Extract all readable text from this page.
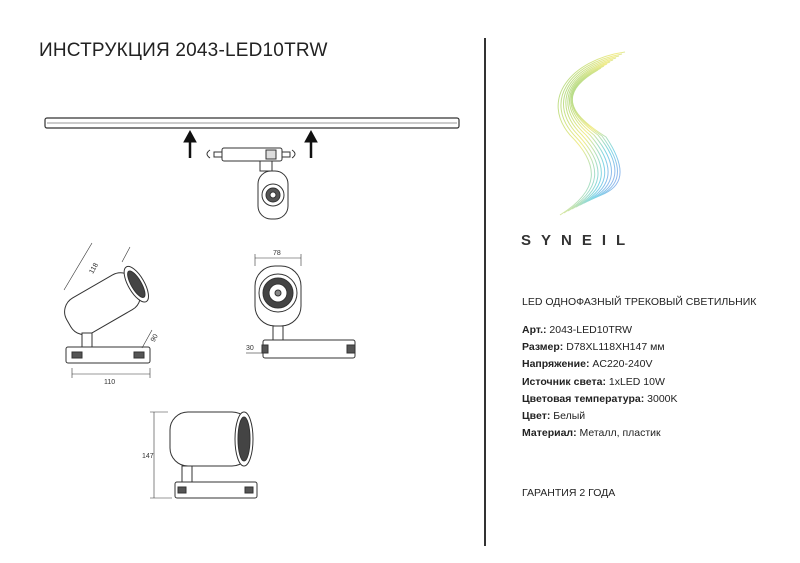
ИНСТРУКЦИЯ 2043-LED10TRW
118
90
110
78
30
147
SYNEIL
LED ОДНОФАЗНЫЙ ТРЕКОВЫЙ СВЕТИЛЬНИК
Арт.: 2043-LED10TRW
Размер: D78XL118XH147 мм
Напряжение: AC220-240V
Источник света: 1xLED 10W
Цветовая температура: 3000K
Цвет: Белый
Материал: Металл, пластик
ГАРАНТИЯ 2 ГОДА
